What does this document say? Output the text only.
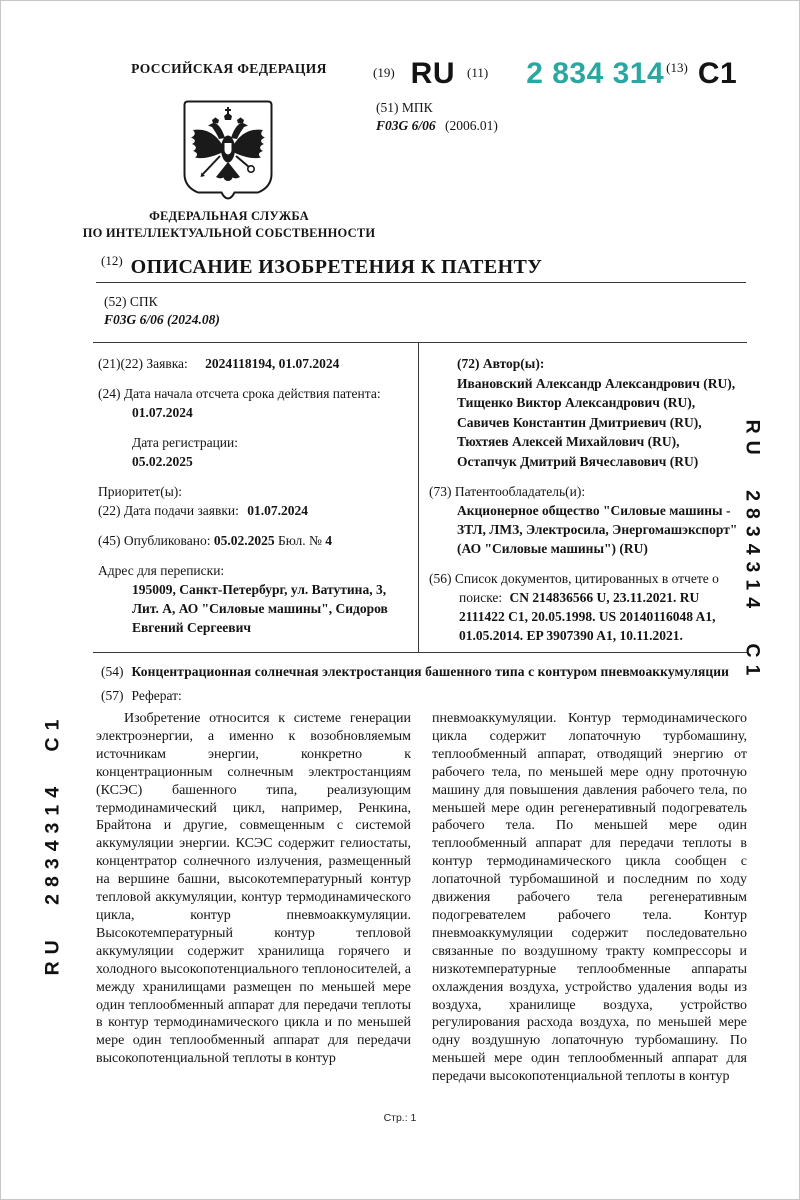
РОССИЙСКАЯ ФЕДЕРАЦИЯ	(19) RU (11) 2 834 314 (13) C1
(51) МПК
F03G 6/06 (2006.01)
ФЕДЕРАЛЬНАЯ СЛУЖБА
ПО ИНТЕЛЛЕКТУАЛЬНОЙ СОБСТВЕННОСТИ
$^{(12)}$ ОПИСАНИЕ ИЗОБРЕТЕНИЯ К ПАТЕНТУ
(52) СПК
F03G 6/06 (2024.08)
(21)(22) Заявка: 2024118194, 01.07.2024
(24) Дата начала отсчета срока действия патента:
01.07.2024
Дата регистрации:
05.02.2025
Приоритет(ы):
(22) Дата подачи заявки: 01.07.2024
(45) Опубликовано: 05.02.2025 Бюл. № 4
Адрес для переписки:
195009, Санкт-Петербург, ул. Ватутина, 3, Лит. А, АО "Силовые машины", Сидоров Евгений Сергеевич
(72) Автор(ы):
Ивановский Александр Александрович (RU),
Тищенко Виктор Александрович (RU),
Савичев Константин Дмитриевич (RU),
Тюхтяев Алексей Михайлович (RU),
Остапчук Дмитрий Вячеславович (RU)
(73) Патентообладатель(и):
Акционерное общество "Силовые машины - ЗТЛ, ЛМЗ, Электросила, Энергомашэкспорт" (АО "Силовые машины") (RU)
(56) Список документов, цитированных в отчете о поиске: CN 214836566 U, 23.11.2021. RU 2111422 C1, 20.05.1998. US 20140116048 A1, 01.05.2014. EP 3907390 A1, 10.11.2021.
(54) Концентрационная солнечная электростанция башенного типа с контуром пневмоаккумуляции
(57) Реферат:

Изобретение относится к системе генерации электроэнергии, а именно к возобновляемым источникам энергии, конкретно к концентрационным солнечным электростанциям (КСЭС) башенного типа, реализующим термодинамический цикл, например, Ренкина, Брайтона и другие, совмещенным с системой аккумуляции энергии. КСЭС содержит гелиостаты, концентратор солнечного излучения, размещенный на вершине башни, высокотемпературный контур тепловой аккумуляции, контур термодинамического цикла, контур пневмоаккумуляции. Высокотемпературный контур тепловой аккумуляции содержит хранилища горячего и холодного высокопотенциального теплоносителей, а между хранилищами размещен по меньшей мере один теплообменный аппарат для передачи теплоты в контур термодинамического цикла и по меньшей мере один теплообменный аппарат для передачи высокопотенциальной теплоты в контур

пневмоаккумуляции. Контур термодинамического цикла содержит лопаточную турбомашину, теплообменный аппарат, отводящий энергию от рабочего тела, по меньшей мере одну проточную машину для повышения давления рабочего тела, по меньшей мере один регенеративный подогреватель рабочего тела. По меньшей мере один теплообменный аппарат для передачи теплоты в контур термодинамического цикла сообщен с лопаточной турбомашиной и последним по ходу движения рабочего тела регенеративным подогревателем рабочего тела. Контур пневмоаккумуляции содержит последовательно связанные по воздушному тракту компрессоры и низкотемпературные теплообменные аппараты охлаждения воздуха, устройство удаления воды из воздуха, хранилище воздуха, устройство регулирования расхода воздуха, по меньшей мере одну воздушную лопаточную турбомашину. По меньшей мере один теплообменный аппарат для передачи высокопотенциальной теплоты в контур

RU 2834314 C1
RU 2834314 C1
Стр.: 1
